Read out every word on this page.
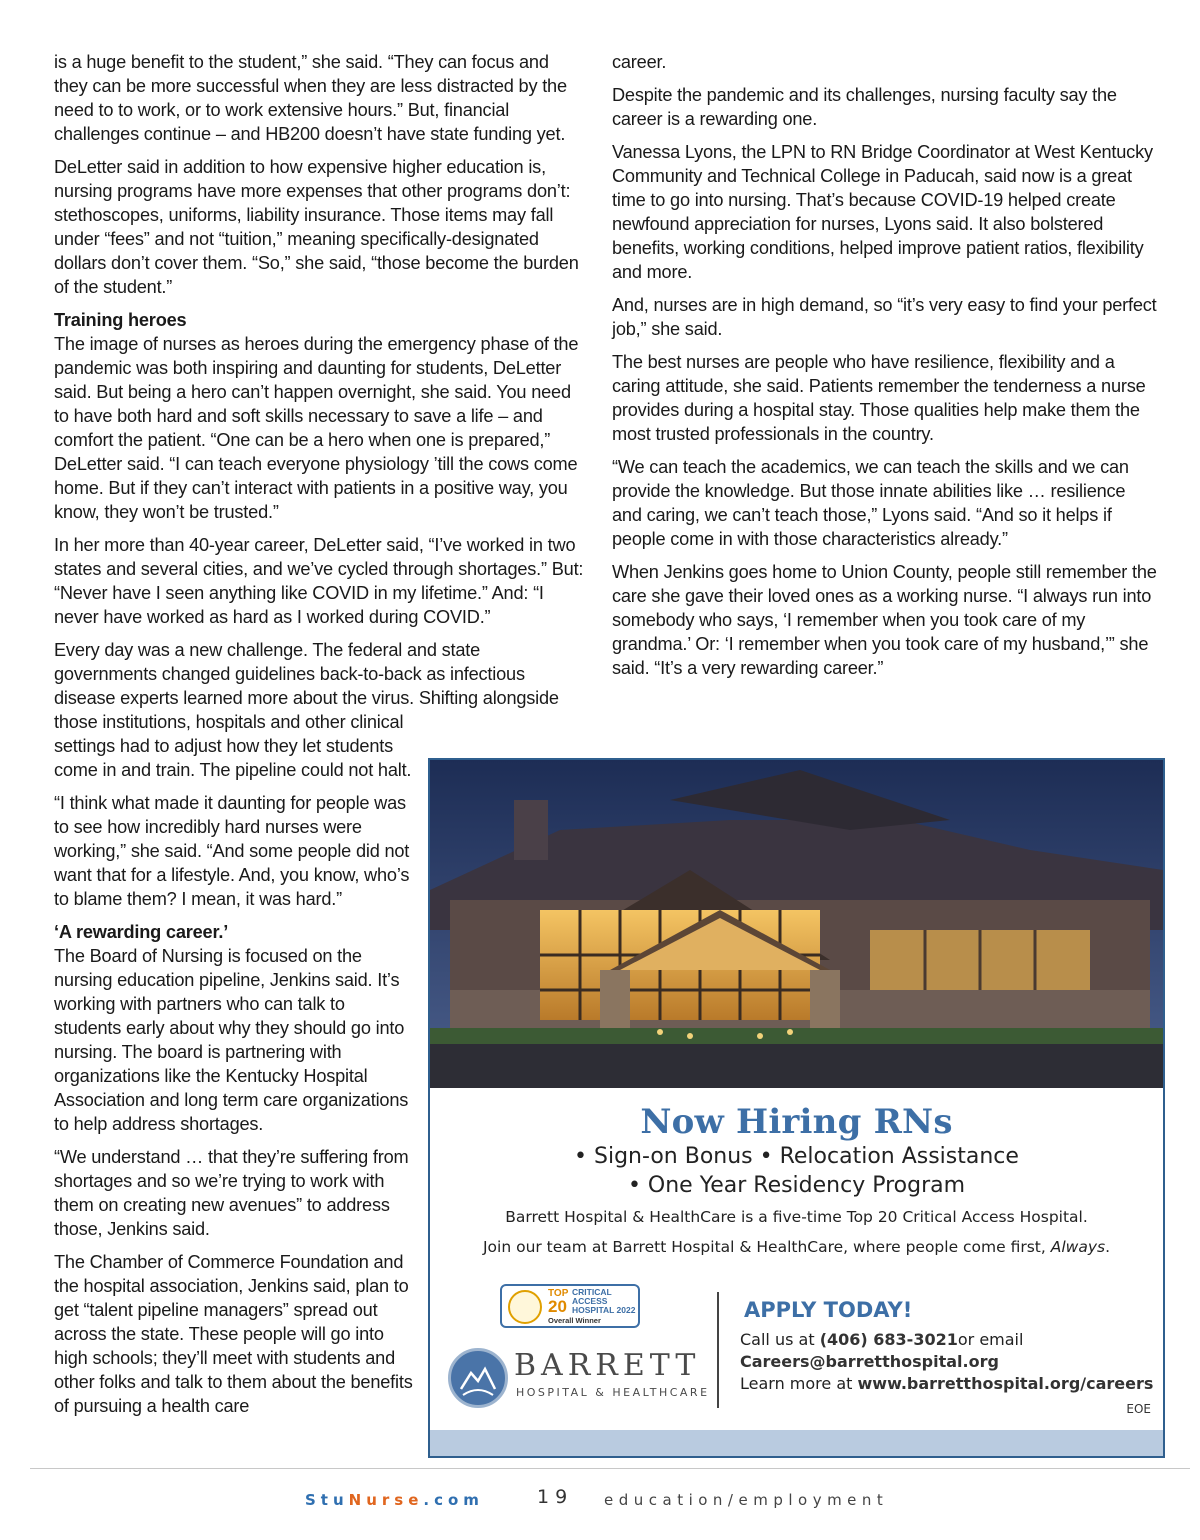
is a huge benefit to the student,” she said. “They can focus and they can be more successful when they are less distracted by the need to to work, or to work extensive hours.” But, financial challenges continue – and HB200 doesn’t have state funding yet.

DeLetter said in addition to how expensive higher education is, nursing programs have more expenses that other programs don’t: stethoscopes, uniforms, liability insurance. Those items may fall under “fees” and not “tuition,” meaning specifically-designated dollars don’t cover them. “So,” she said, “those become the burden of the student.”

Training heroes

The image of nurses as heroes during the emergency phase of the pandemic was both inspiring and daunting for students, DeLetter said. But being a hero can’t happen overnight, she said. You need to have both hard and soft skills necessary to save a life – and comfort the patient. “One can be a hero when one is prepared,” DeLetter said. “I can teach everyone physiology ’till the cows come home. But if they can’t interact with patients in a positive way, you know, they won’t be trusted.”

In her more than 40-year career, DeLetter said, “I’ve worked in two states and several cities, and we’ve cycled through shortages.” But: “Never have I seen anything like COVID in my lifetime.” And: “I never have worked as hard as I worked during COVID.”

Every day was a new challenge. The federal and state governments changed guidelines back-to-back as infectious disease experts learned more about the virus. Shifting alongside

those institutions, hospitals and other clinical settings had to adjust how they let students come in and train. The pipeline could not halt.

“I think what made it daunting for people was to see how incredibly hard nurses were working,” she said. “And some people did not want that for a lifestyle. And, you know, who’s to blame them? I mean, it was hard.”

‘A rewarding career.’

The Board of Nursing is focused on the nursing education pipeline, Jenkins said. It’s working with partners who can talk to students early about why they should go into nursing. The board is partnering with organizations like the Kentucky Hospital Association and long term care organizations to help address shortages.

“We understand … that they’re suffering from shortages and so we’re trying to work with them on creating new avenues” to address those, Jenkins said.

The Chamber of Commerce Foundation and the hospital association, Jenkins said, plan to get “talent pipeline managers” spread out across the state. These people will go into high schools; they’ll meet with students and other folks and talk to them about the benefits of pursuing a health care

career.

Despite the pandemic and its challenges, nursing faculty say the career is a rewarding one.

Vanessa Lyons, the LPN to RN Bridge Coordinator at West Kentucky Community and Technical College in Paducah, said now is a great time to go into nursing. That’s because COVID-19 helped create newfound appreciation for nurses, Lyons said. It also bolstered benefits, working conditions, helped improve patient ratios, flexibility and more.

And, nurses are in high demand, so “it’s very easy to find your perfect job,” she said.

The best nurses are people who have resilience, flexibility and a caring attitude, she said. Patients remember the tenderness a nurse provides during a hospital stay. Those qualities help make them the most trusted professionals in the country.

“We can teach the academics, we can teach the skills and we can provide the knowledge. But those innate abilities like … resilience and caring, we can’t teach those,” Lyons said. “And so it helps if people come in with those characteristics already.”

When Jenkins goes home to Union County, people still remember the care she gave their loved ones as a working nurse. “I always run into somebody who says, ‘I remember when you took care of my grandma.’ Or: ‘I remember when you took care of my husband,’” she said. “It’s a very rewarding career.”

Now Hiring RNs
• Sign-on Bonus • Relocation Assistance
• One Year Residency Program
Barrett Hospital & HealthCare is a five-time Top 20 Critical Access Hospital.
Join our team at Barrett Hospital & HealthCare, where people come first, Always.
TOP
20
CRITICAL
ACCESS
HOSPITAL 2022
Overall Winner
BARRETT
HOSPITAL & HEALTHCARE
APPLY TODAY!
Call us at (406) 683-3021or email
Careers@barretthospital.org
Learn more at www.barretthospital.org/careers
EOE
StuNurse.com	19 education/employment
